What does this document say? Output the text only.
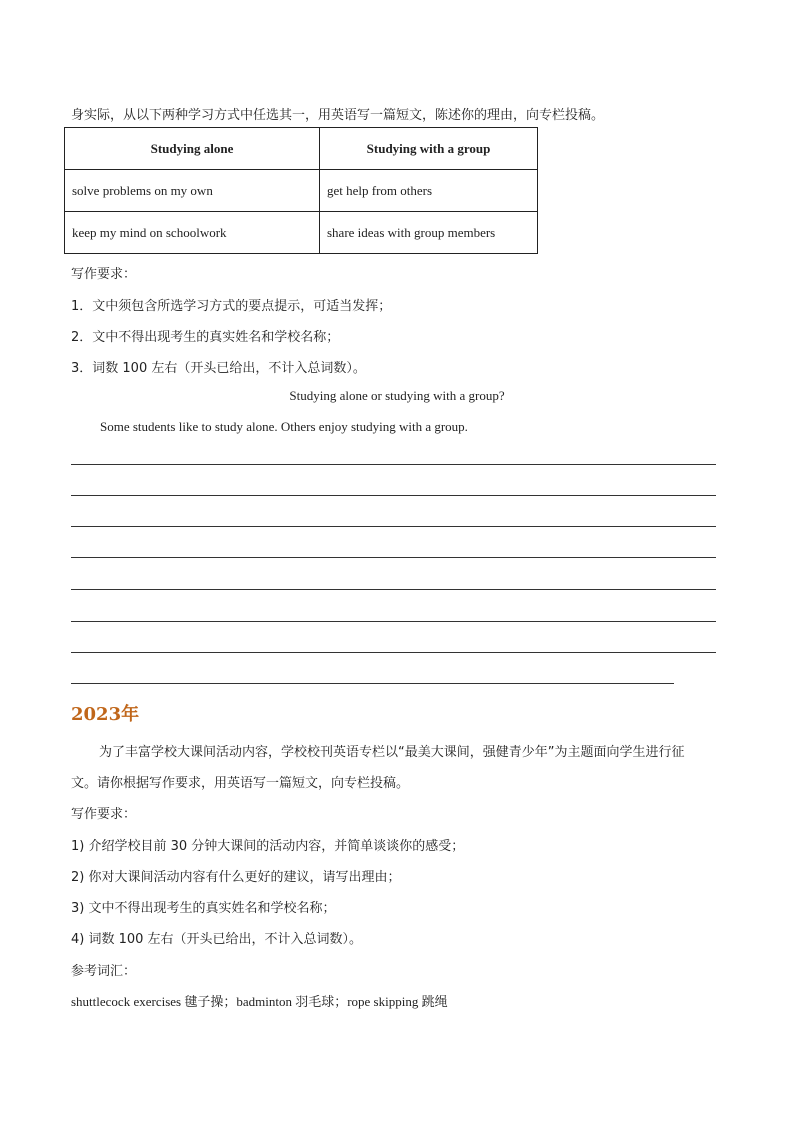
身实际，从以下两种学习方式中任选其一，用英语写一篇短文，陈述你的理由，向专栏投稿。
Studying alone	Studying with a group
solve problems on my own	get help from others
keep my mind on schoolwork	share ideas with group members
写作要求：
1．文中须包含所选学习方式的要点提示，可适当发挥；
2．文中不得出现考生的真实姓名和学校名称；
3．词数 100 左右（开头已给出，不计入总词数）。
Studying alone or studying with a group?
Some students like to study alone. Others enjoy studying with a group.
2023年
为了丰富学校大课间活动内容，学校校刊英语专栏以“最美大课间，强健青少年”为主题面向学生进行征
文。请你根据写作要求，用英语写一篇短文，向专栏投稿。
写作要求：
1) 介绍学校目前 30 分钟大课间的活动内容，并简单谈谈你的感受；
2) 你对大课间活动内容有什么更好的建议，请写出理由；
3) 文中不得出现考生的真实姓名和学校名称；
4) 词数 100 左右（开头已给出，不计入总词数）。
参考词汇：
shuttlecock exercises 毽子操；badminton 羽毛球；rope skipping 跳绳
